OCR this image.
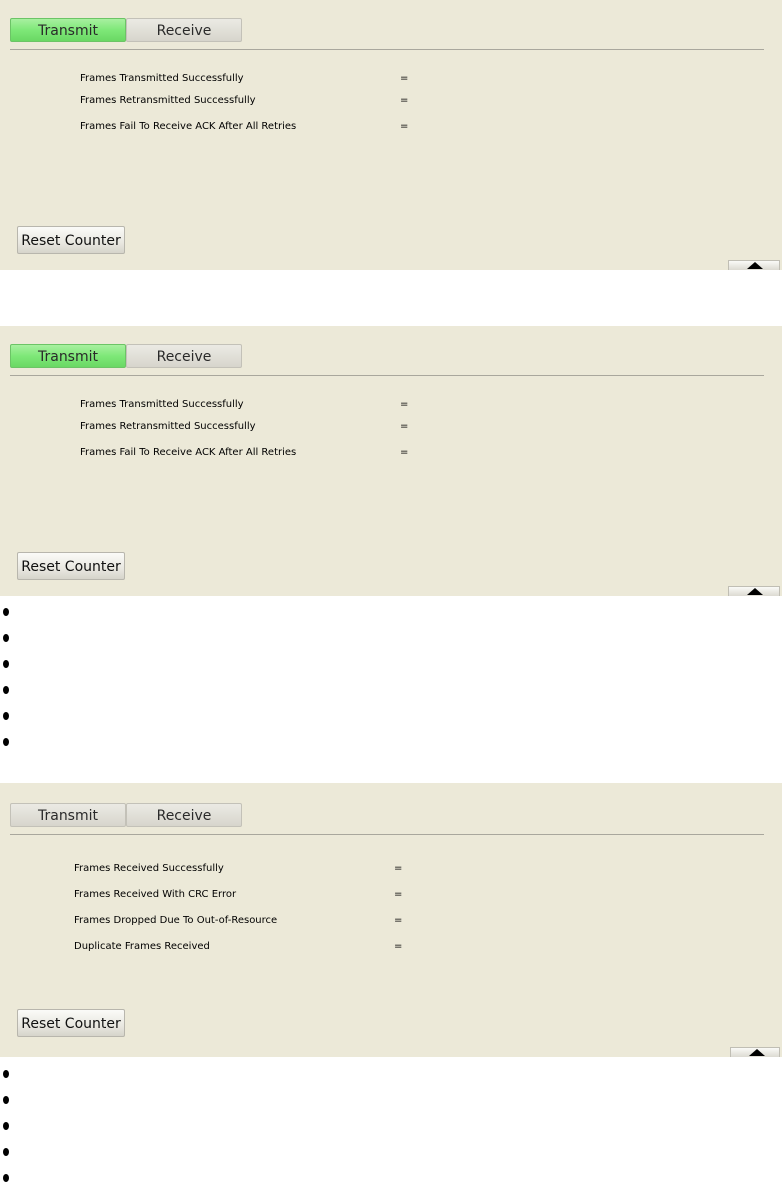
Transmit	Receive
Frames Transmitted Successfully	=
Frames Retransmitted Successfully	=
Frames Fail To Receive ACK After All Retries	=
Reset Counter
Transmit	Receive
Frames Transmitted Successfully	=
Frames Retransmitted Successfully	=
Frames Fail To Receive ACK After All Retries	=
Reset Counter
Transmit	Receive
Frames Received Successfully	=
Frames Received With CRC Error	=
Frames Dropped Due To Out-of-Resource	=
Duplicate Frames Received	=
Reset Counter
